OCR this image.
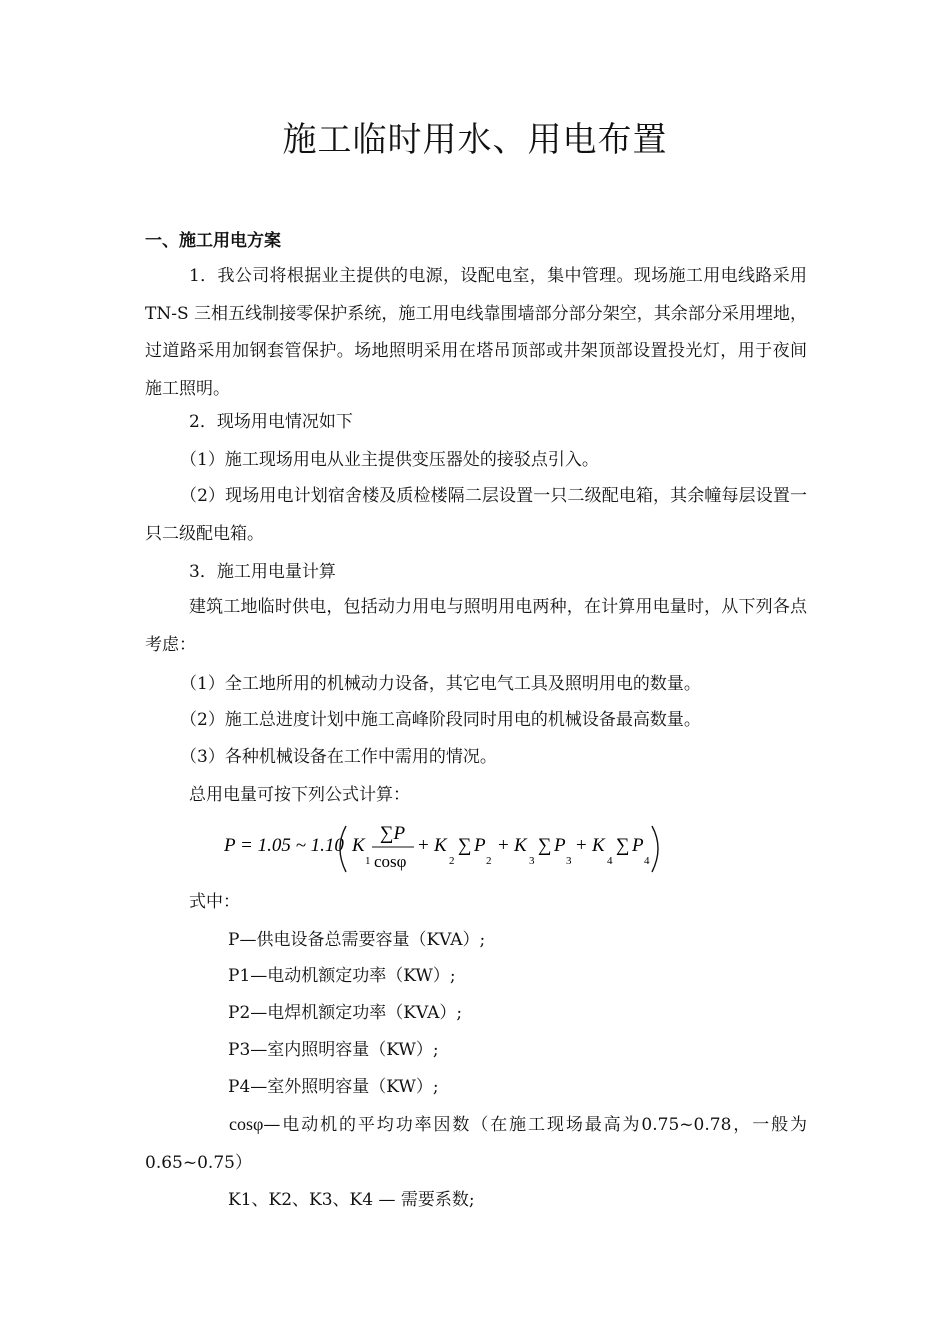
施工临时用水、用电布置
一、施工用电方案

1．我公司将根据业主提供的电源，设配电室，集中管理。现场施工用电线路采用 TN-S 三相五线制接零保护系统，施工用电线靠围墙部分部分架空，其余部分采用埋地，过道路采用加钢套管保护。场地照明采用在塔吊顶部或井架顶部设置投光灯，用于夜间施工照明。

2．现场用电情况如下
（1）施工现场用电从业主提供变压器处的接驳点引入。

（2）现场用电计划宿舍楼及质检楼隔二层设置一只二级配电箱，其余幢每层设置一只二级配电箱。

3．施工用电量计算

建筑工地临时供电，包括动力用电与照明用电两种，在计算用电量时，从下列各点考虑：

（1）全工地所用的机械动力设备，其它电气工具及照明用电的数量。
（2）施工总进度计划中施工高峰阶段同时用电的机械设备最高数量。
（3）各种机械设备在工作中需用的情况。
总用电量可按下列公式计算：
P = 1.05 ~ 1.10 K
1
∑P
cosφ
+ K
2
∑ P
2
+ K
3
∑ P
3
+ K
4
∑ P
4
式中：
P—供电设备总需要容量（KVA）;
P1—电动机额定功率（KW）;
P2—电焊机额定功率（KVA）;
P3—室内照明容量（KW）;
P4—室外照明容量（KW）;

cosφ—电动机的平均功率因数（在施工现场最高为0.75~0.78，一般为0.65~0.75）

K1、K2、K3、K4 — 需要系数;
